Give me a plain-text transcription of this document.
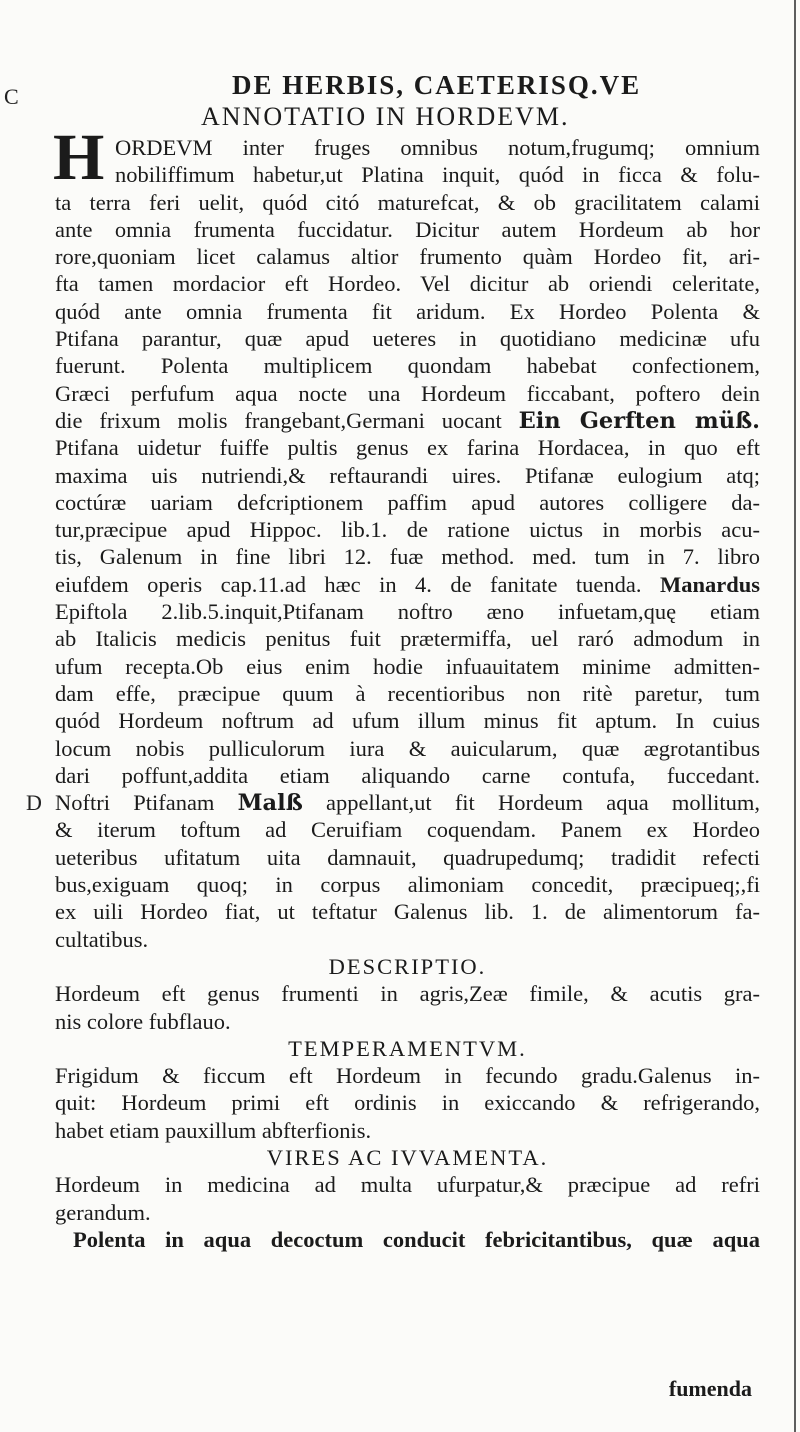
C
D
DE HERBIS, CAETERISQ.VE
ANNOTATIO IN HORDEVM.
H ORDEVM inter fruges omnibus notum,frugumq; omnium
nobiliffimum habetur,ut Platina inquit, quód in ficca & folu-
ta terra feri uelit, quód citó maturefcat, & ob gracilitatem calami
ante omnia frumenta fuccidatur. Dicitur autem Hordeum ab hor
rore,quoniam licet calamus altior frumento quàm Hordeo fit, ari-
fta tamen mordacior eft Hordeo. Vel dicitur ab oriendi celeritate,
quód ante omnia frumenta fit aridum. Ex Hordeo Polenta &
Ptifana parantur, quæ apud ueteres in quotidiano medicinæ ufu
fuerunt. Polenta multiplicem quondam habebat confectionem,
Græci perfufum aqua nocte una Hordeum ficcabant, poftero dein
die frixum molis frangebant,Germani uocant Ein Gerften müß.
Ptifana uidetur fuiffe pultis genus ex farina Hordacea, in quo eft
maxima uis nutriendi,& reftaurandi uires. Ptifanæ eulogium atq;
coctúræ uariam defcriptionem paffim apud autores colligere da-
tur,præcipue apud Hippoc. lib.1. de ratione uictus in morbis acu-
tis, Galenum in fine libri 12. fuæ method. med. tum in 7. libro
eiufdem operis cap.11.ad hæc in 4. de fanitate tuenda. Manardus
Epiftola 2.lib.5.inquit,Ptifanam noftro æno infuetam,quę etiam
ab Italicis medicis penitus fuit prætermiffa, uel raró admodum in
ufum recepta.Ob eius enim hodie infuauitatem minime admitten-
dam effe, præcipue quum à recentioribus non ritè paretur, tum
quód Hordeum noftrum ad ufum illum minus fit aptum. In cuius
locum nobis pulliculorum iura & auicularum, quæ ægrotantibus
dari poffunt,addita etiam aliquando carne contufa, fuccedant.
Noftri Ptifanam Malß appellant,ut fit Hordeum aqua mollitum,
& iterum toftum ad Ceruifiam coquendam. Panem ex Hordeo
ueteribus ufitatum uita damnauit, quadrupedumq; tradidit refecti
bus,exiguam quoq; in corpus alimoniam concedit, præcipueq;,fi
ex uili Hordeo fiat, ut teftatur Galenus lib. 1. de alimentorum fa-
cultatibus.
DESCRIPTIO.
Hordeum eft genus frumenti in agris,Zeæ fimile, & acutis gra-
nis colore fubflauo.
TEMPERAMENTVM.
Frigidum & ficcum eft Hordeum in fecundo gradu.Galenus in-
quit: Hordeum primi eft ordinis in exiccando & refrigerando,
habet etiam pauxillum abfterfionis.
VIRES AC IVVAMENTA.
Hordeum in medicina ad multa ufurpatur,& præcipue ad refri
gerandum.
Polenta in aqua decoctum conducit febricitantibus, quæ aqua
fumenda
